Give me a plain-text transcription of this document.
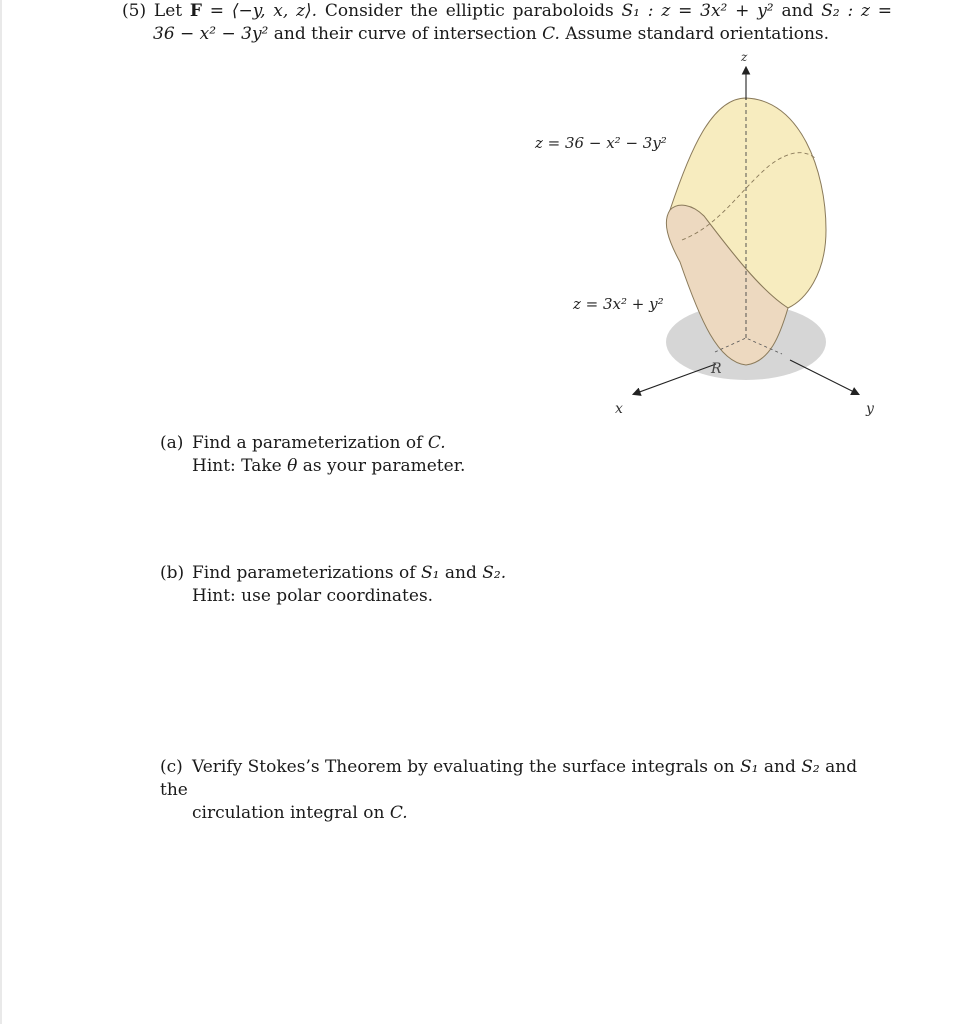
(5) Let F = ⟨−y, x, z⟩. Consider the elliptic paraboloids S₁ : z = 3x² + y² and S₂ : z =
36 − x² − 3y² and their curve of intersection C. Assume standard orientations.
z
x	y
R
z = 36 − x² − 3y²
z = 3x² + y²
(a) Find a parameterization of C.
Hint: Take θ as your parameter.
(b) Find parameterizations of S₁ and S₂.
Hint: use polar coordinates.
(c) Verify Stokes’s Theorem by evaluating the surface integrals on S₁ and S₂ and the
circulation integral on C.
